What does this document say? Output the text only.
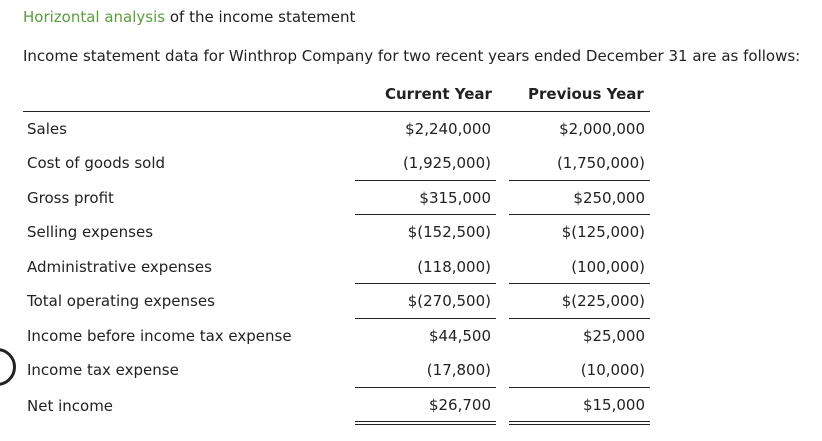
Horizontal analysis of the income statement
Income statement data for Winthrop Company for two recent years ended December 31 are as follows:
Current Year Previous Year
Sales	$2,240,000	$2,000,000
Cost of goods sold	(1,925,000)	(1,750,000)
Gross profit	$315,000	$250,000
Selling expenses	$(152,500)	$(125,000)
Administrative expenses	(118,000)	(100,000)
Total operating expenses	$(270,500)	$(225,000)
Income before income tax expense	$44,500	$25,000
Income tax expense	(17,800)	(10,000)
Net income	$26,700	$15,000
